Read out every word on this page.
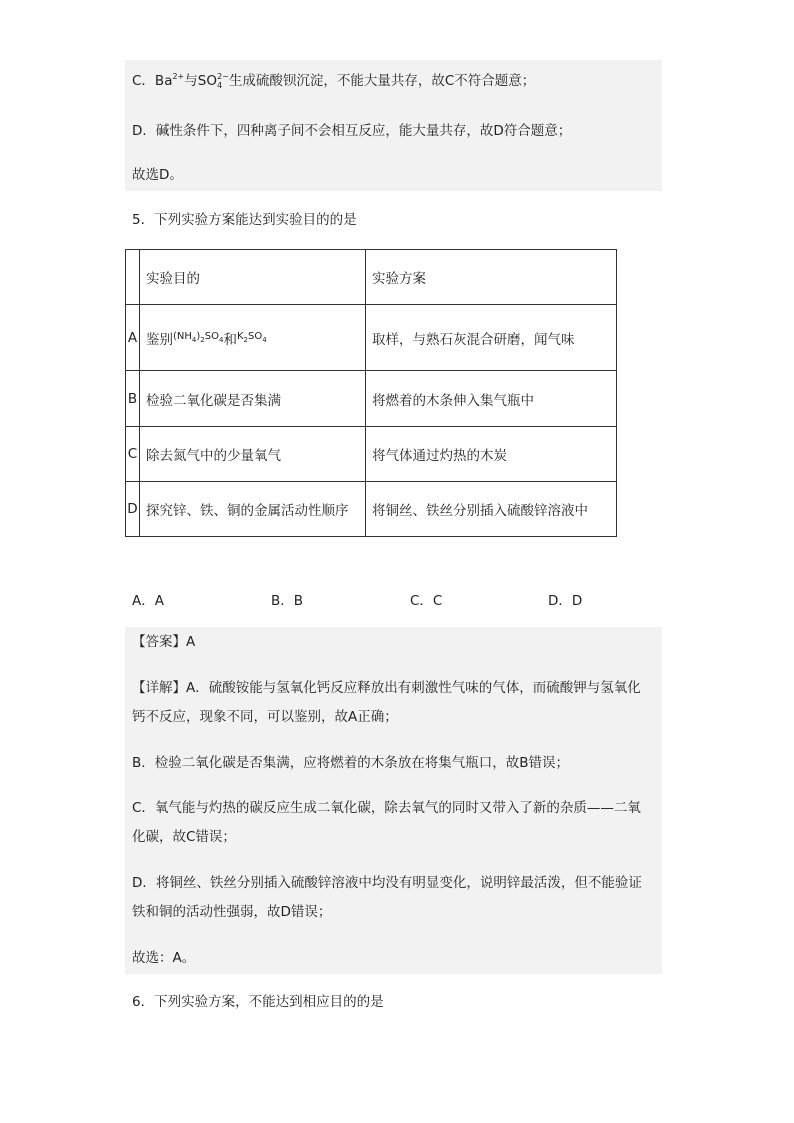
C．$Ba^{2+}$与$SO_4^{2-}$生成硫酸钡沉淀，不能大量共存，故C不符合题意；
D．碱性条件下，四种离子间不会相互反应，能大量共存，故D符合题意；
故选D。
5．下列实验方案能达到实验目的的是
	实验目的	实验方案
A	鉴别$^{(NH_4)_2SO_4}$和$^{K_2SO_4}$	取样，与熟石灰混合研磨，闻气味
B	检验二氧化碳是否集满	将燃着的木条伸入集气瓶中
C	除去氮气中的少量氧气	将气体通过灼热的木炭
D	探究锌、铁、铜的金属活动性顺序	将铜丝、铁丝分别插入硫酸锌溶液中
A．A	B．B	C．C	D．D
【答案】A
【详解】A．硫酸铵能与氢氧化钙反应释放出有刺激性气味的气体，而硫酸钾与氢氧化
钙不反应，现象不同，可以鉴别，故A正确；
B．检验二氧化碳是否集满，应将燃着的木条放在将集气瓶口，故B错误；
C．氧气能与灼热的碳反应生成二氧化碳，除去氧气的同时又带入了新的杂质——二氧
化碳，故C错误；
D．将铜丝、铁丝分别插入硫酸锌溶液中均没有明显变化，说明锌最活泼，但不能验证
铁和铜的活动性强弱，故D错误；
故选：A。
6．下列实验方案，不能达到相应目的的是
